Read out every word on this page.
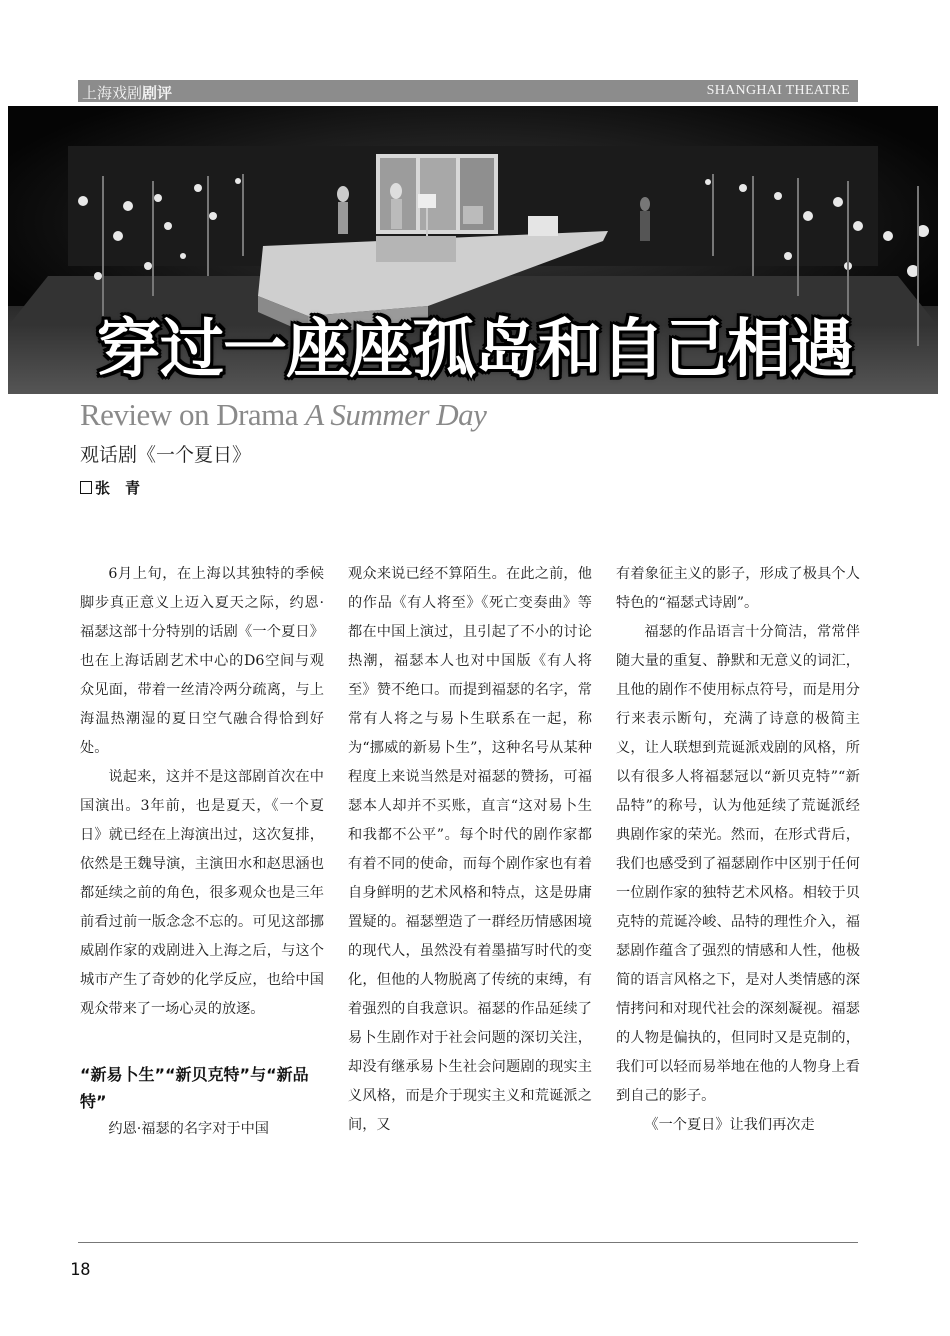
上海戏剧剧评	SHANGHAI THEATRE
穿过一座座孤岛和自己相遇
Review on Drama A Summer Day
观话剧《一个夏日》
张　青

6月上旬，在上海以其独特的季候脚步真正意义上迈入夏天之际，约恩·福瑟这部十分特别的话剧《一个夏日》也在上海话剧艺术中心的D6空间与观众见面，带着一丝清冷两分疏离，与上海温热潮湿的夏日空气融合得恰到好处。

说起来，这并不是这部剧首次在中国演出。3年前，也是夏天，《一个夏日》就已经在上海演出过，这次复排，依然是王魏导演，主演田水和赵思涵也都延续之前的角色，很多观众也是三年前看过前一版念念不忘的。可见这部挪威剧作家的戏剧进入上海之后，与这个城市产生了奇妙的化学反应，也给中国观众带来了一场心灵的放逐。

“新易卜生”“新贝克特”与“新品特”

约恩·福瑟的名字对于中国

观众来说已经不算陌生。在此之前，他的作品《有人将至》《死亡变奏曲》等都在中国上演过，且引起了不小的讨论热潮，福瑟本人也对中国版《有人将至》赞不绝口。而提到福瑟的名字，常常有人将之与易卜生联系在一起，称为“挪威的新易卜生”，这种名号从某种程度上来说当然是对福瑟的赞扬，可福瑟本人却并不买账，直言“这对易卜生和我都不公平”。每个时代的剧作家都有着不同的使命，而每个剧作家也有着自身鲜明的艺术风格和特点，这是毋庸置疑的。福瑟塑造了一群经历情感困境的现代人，虽然没有着墨描写时代的变化，但他的人物脱离了传统的束缚，有着强烈的自我意识。福瑟的作品延续了易卜生剧作对于社会问题的深切关注，却没有继承易卜生社会问题剧的现实主义风格，而是介于现实主义和荒诞派之间，又

有着象征主义的影子，形成了极具个人特色的“福瑟式诗剧”。

福瑟的作品语言十分简洁，常常伴随大量的重复、静默和无意义的词汇，且他的剧作不使用标点符号，而是用分行来表示断句，充满了诗意的极简主义，让人联想到荒诞派戏剧的风格，所以有很多人将福瑟冠以“新贝克特”“新品特”的称号，认为他延续了荒诞派经典剧作家的荣光。然而，在形式背后，我们也感受到了福瑟剧作中区别于任何一位剧作家的独特艺术风格。相较于贝克特的荒诞冷峻、品特的理性介入，福瑟剧作蕴含了强烈的情感和人性，他极简的语言风格之下，是对人类情感的深情拷问和对现代社会的深刻凝视。福瑟的人物是偏执的，但同时又是克制的，我们可以轻而易举地在他的人物身上看到自己的影子。

《一个夏日》让我们再次走

18
